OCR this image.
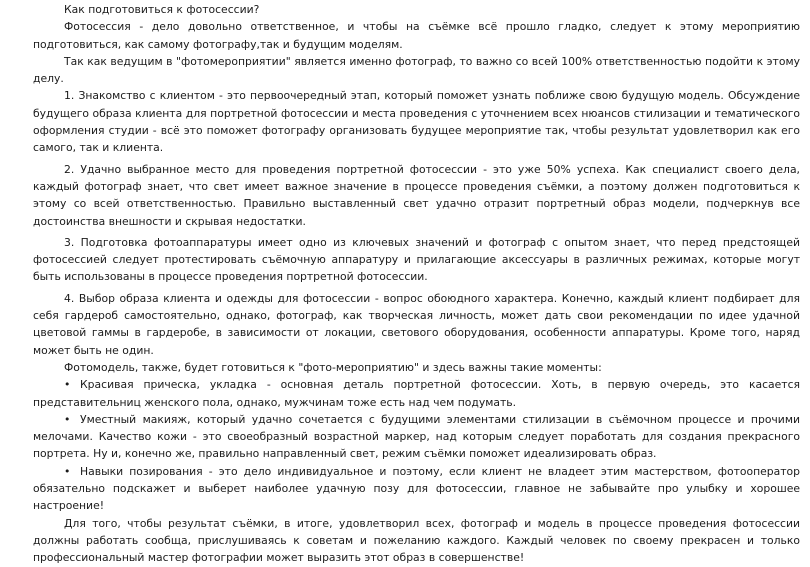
Как подготовиться к фотосессии?

Фотосессия - дело довольно ответственное, и чтобы на съёмке всё прошло гладко, следует к этому мероприятию подготовиться, как самому фотографу,так и будущим моделям.

Так как ведущим в "фотомероприятии" является именно фотограф, то важно со всей 100% ответственностью подойти к этому делу.

1. Знакомство с клиентом - это первоочередный этап, который поможет узнать поближе свою будущую модель. Обсуждение будущего образа клиента для портретной фотосессии и места проведения с уточнением всех нюансов стилизации и тематического оформления студии - всё это поможет фотографу организовать будущее мероприятие так, чтобы результат удовлетворил как его самого, так и клиента.

2. Удачно выбранное место для проведения портретной фотосессии - это уже 50% успеха. Как специалист своего дела, каждый фотограф знает, что свет имеет важное значение в процессе проведения съёмки, а поэтому должен подготовиться к этому со всей ответственностью. Правильно выставленный свет удачно отразит портретный образ модели, подчеркнув все достоинства внешности и скрывая недостатки.

3. Подготовка фотоаппаратуры имеет одно из ключевых значений и фотограф с опытом знает, что перед предстоящей фотосессией следует протестировать съёмочную аппаратуру и прилагающие аксессуары в различных режимах, которые могут быть использованы в процессе проведения портретной фотосессии.

4. Выбор образа клиента и одежды для фотосессии - вопрос обоюдного характера. Конечно, каждый клиент подбирает для себя гардероб самостоятельно, однако, фотограф, как творческая личность, может дать свои рекомендации по идее удачной цветовой гаммы в гардеробе, в зависимости от локации, светового оборудования, особенности аппаратуры. Кроме того, наряд может быть не один.

Фотомодель, также, будет готовиться к "фото-мероприятию" и здесь важны такие моменты:

• Красивая прическа, укладка - основная деталь портретной фотосессии. Хоть, в первую очередь, это касается представительниц женского пола, однако, мужчинам тоже есть над чем подумать.

• Уместный макияж, который удачно сочетается с будущими элементами стилизации в съёмочном процессе и прочими мелочами. Качество кожи - это своеобразный возрастной маркер, над которым следует поработать для создания прекрасного портрета. Ну и, конечно же, правильно направленный свет, режим съёмки поможет идеализировать образ.

• Навыки позирования - это дело индивидуальное и поэтому, если клиент не владеет этим мастерством, фотооператор обязательно подскажет и выберет наиболее удачную позу для фотосессии, главное не забывайте про улыбку и хорошее настроение!

Для того, чтобы результат съёмки, в итоге, удовлетворил всех, фотограф и модель в процессе проведения фотосессии должны работать сообща, прислушиваясь к советам и пожеланию каждого. Каждый человек по своему прекрасен и только профессиональный мастер фотографии может выразить этот образ в совершенстве!
